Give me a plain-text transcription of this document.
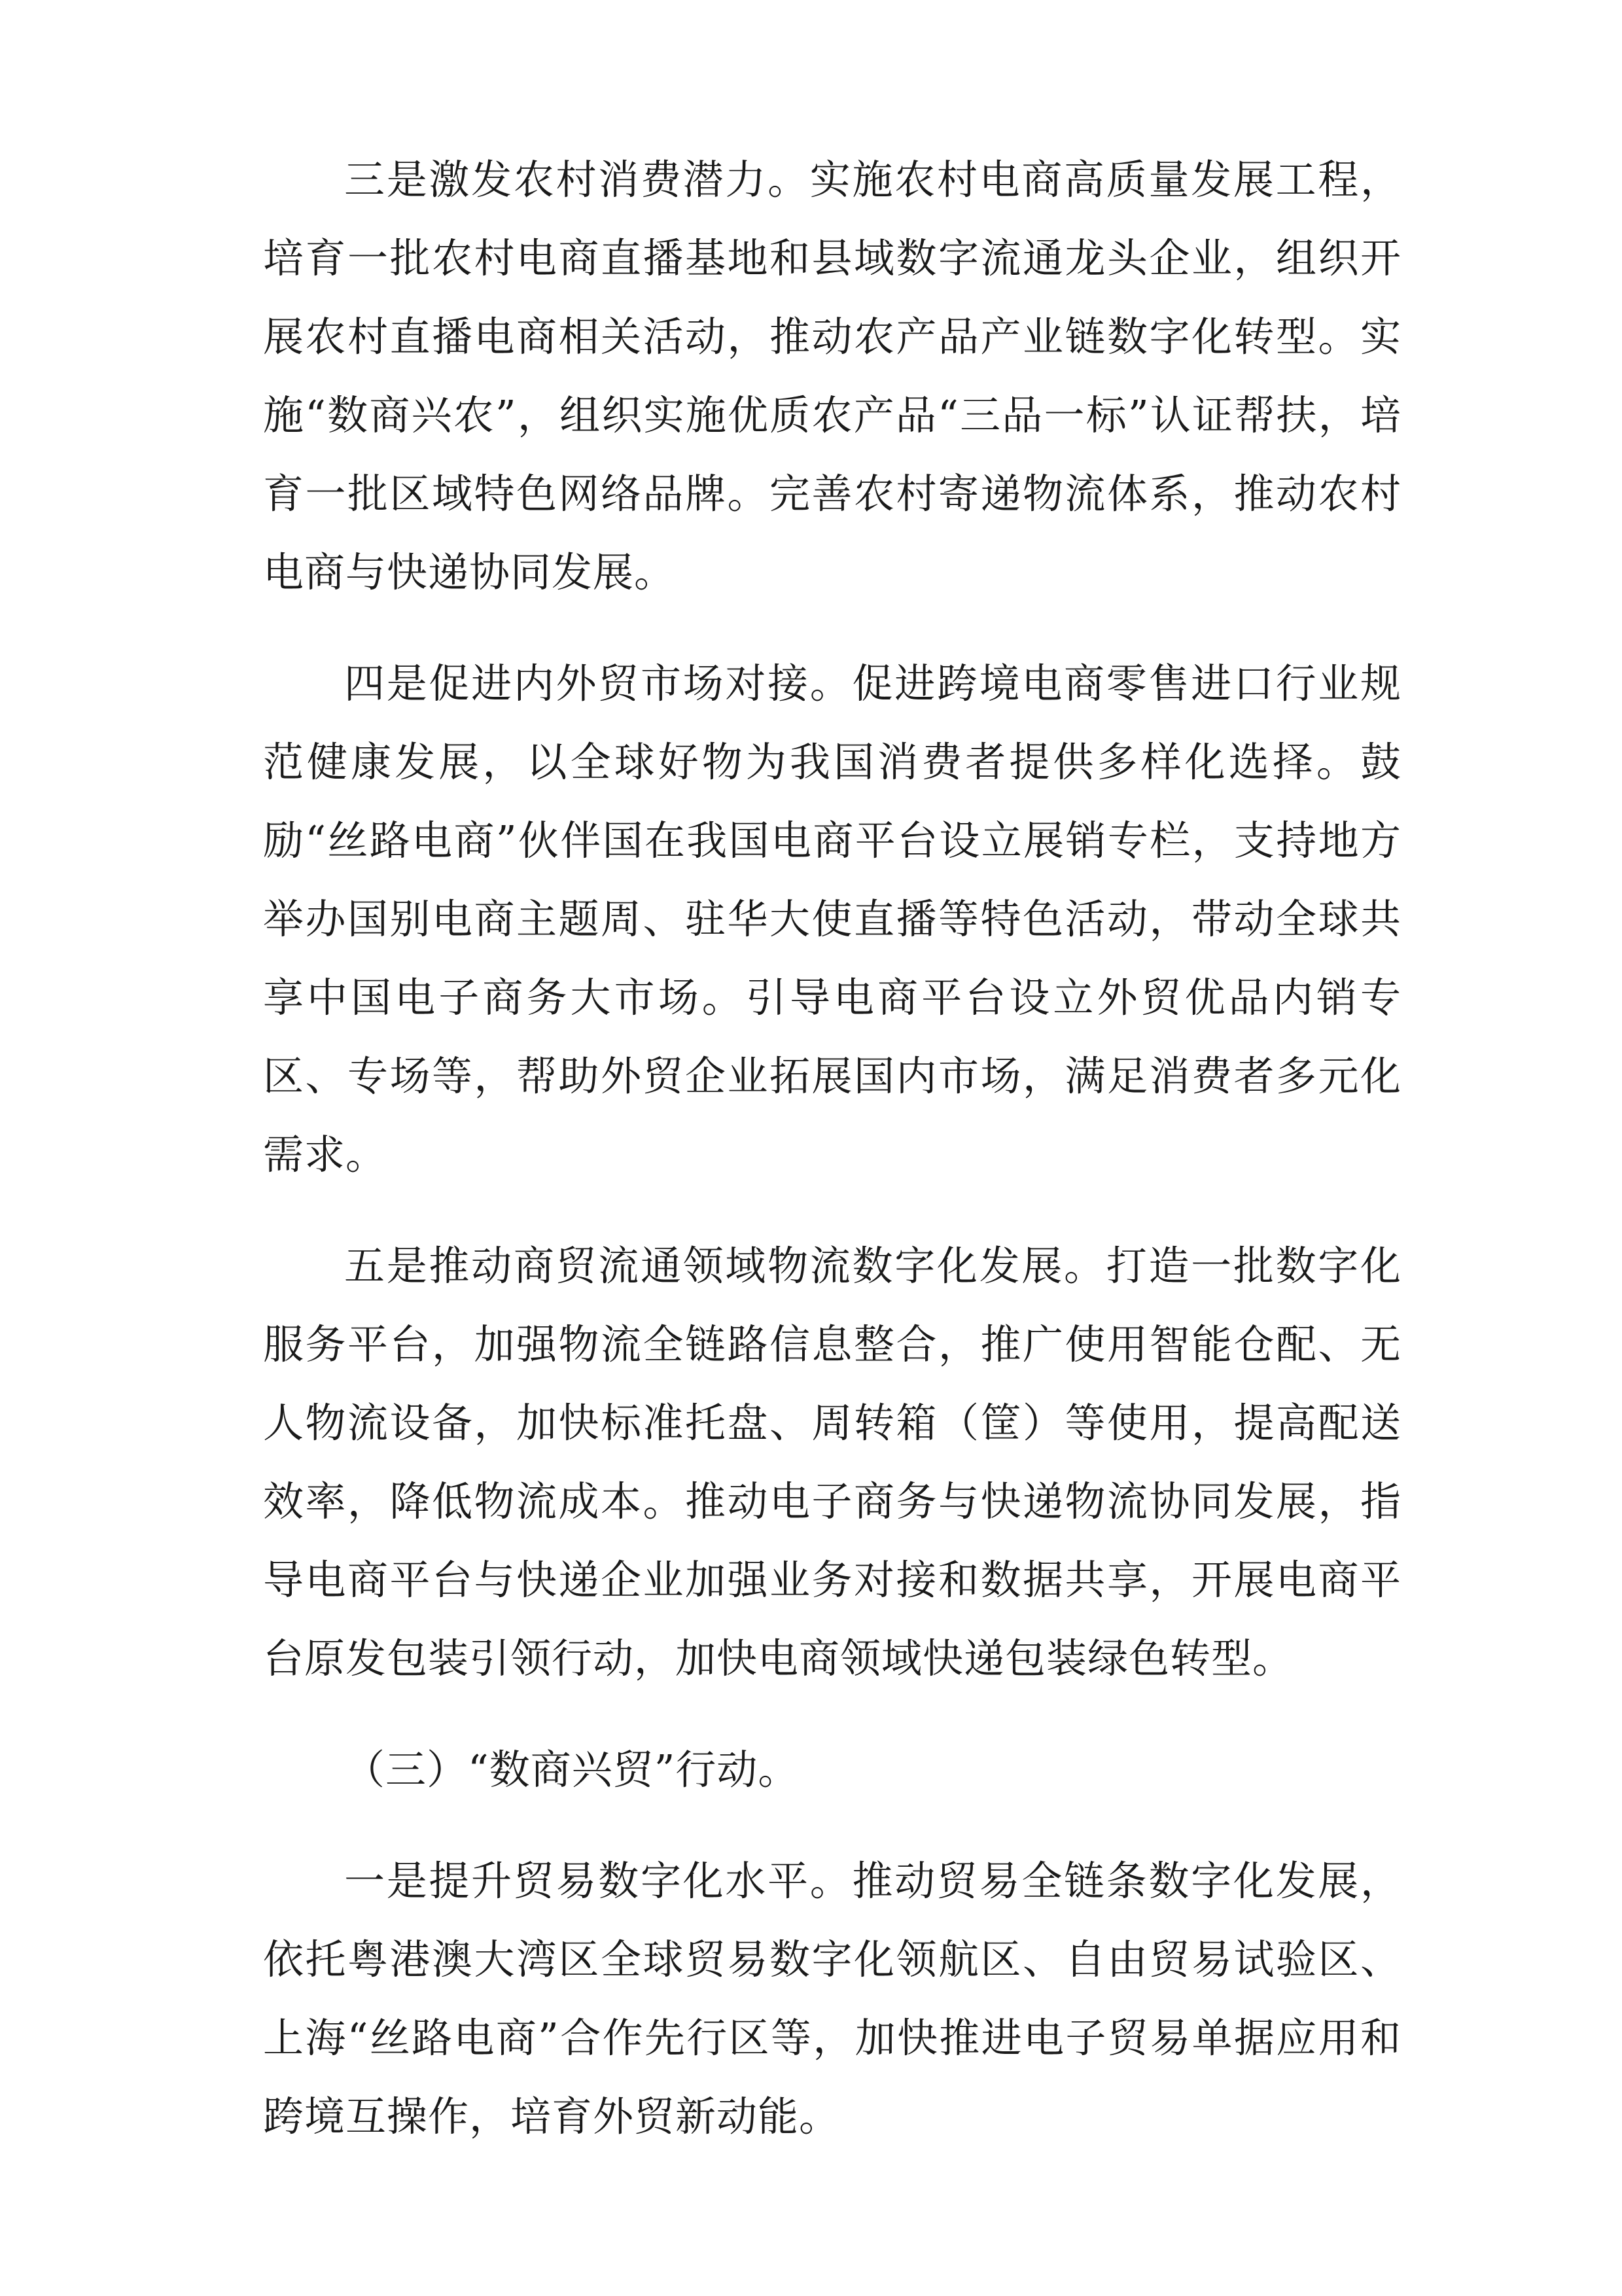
三是激发农村消费潜力。实施农村电商高质量发展工程，培育一批农村电商直播基地和县域数字流通龙头企业，组织开展农村直播电商相关活动，推动农产品产业链数字化转型。实施“数商兴农”，组织实施优质农产品“三品一标”认证帮扶，培育一批区域特色网络品牌。完善农村寄递物流体系，推动农村电商与快递协同发展。

四是促进内外贸市场对接。促进跨境电商零售进口行业规范健康发展，以全球好物为我国消费者提供多样化选择。鼓励“丝路电商”伙伴国在我国电商平台设立展销专栏，支持地方举办国别电商主题周、驻华大使直播等特色活动，带动全球共享中国电子商务大市场。引导电商平台设立外贸优品内销专区、专场等，帮助外贸企业拓展国内市场，满足消费者多元化需求。

五是推动商贸流通领域物流数字化发展。打造一批数字化服务平台，加强物流全链路信息整合，推广使用智能仓配、无人物流设备，加快标准托盘、周转箱（筐）等使用，提高配送效率，降低物流成本。推动电子商务与快递物流协同发展，指导电商平台与快递企业加强业务对接和数据共享，开展电商平台原发包装引领行动，加快电商领域快递包装绿色转型。

（三）“数商兴贸”行动。

一是提升贸易数字化水平。推动贸易全链条数字化发展，依托粤港澳大湾区全球贸易数字化领航区、自由贸易试验区、上海“丝路电商”合作先行区等，加快推进电子贸易单据应用和跨境互操作，培育外贸新动能。
